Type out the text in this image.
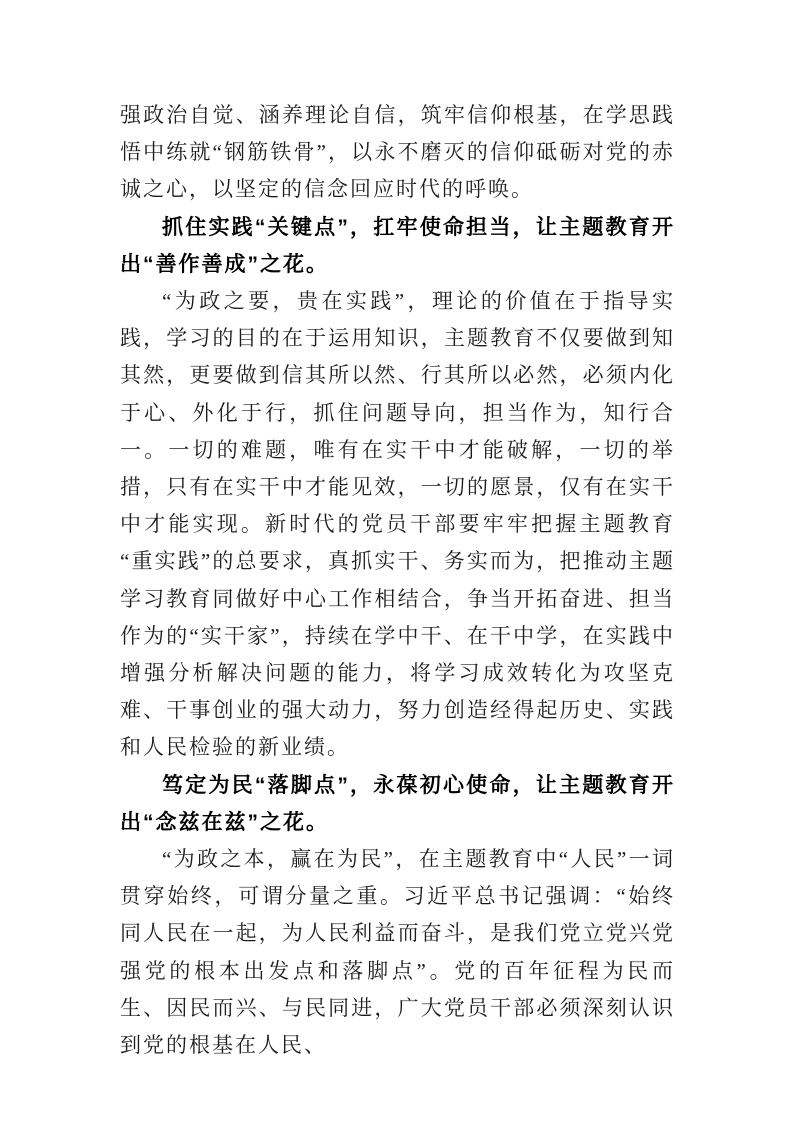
强政治自觉、涵养理论自信，筑牢信仰根基，在学思践悟中练就“钢筋铁骨”，以永不磨灭的信仰砥砺对党的赤诚之心，以坚定的信念回应时代的呼唤。

抓住实践“关键点”，扛牢使命担当，让主题教育开出“善作善成”之花。

“为政之要，贵在实践”，理论的价值在于指导实践，学习的目的在于运用知识，主题教育不仅要做到知其然，更要做到信其所以然、行其所以必然，必须内化于心、外化于行，抓住问题导向，担当作为，知行合一。一切的难题，唯有在实干中才能破解，一切的举措，只有在实干中才能见效，一切的愿景，仅有在实干中才能实现。新时代的党员干部要牢牢把握主题教育“重实践”的总要求，真抓实干、务实而为，把推动主题学习教育同做好中心工作相结合，争当开拓奋进、担当作为的“实干家”，持续在学中干、在干中学，在实践中增强分析解决问题的能力，将学习成效转化为攻坚克难、干事创业的强大动力，努力创造经得起历史、实践和人民检验的新业绩。

笃定为民“落脚点”，永葆初心使命，让主题教育开出“念兹在兹”之花。

“为政之本，赢在为民”，在主题教育中“人民”一词贯穿始终，可谓分量之重。习近平总书记强调：“始终同人民在一起，为人民利益而奋斗，是我们党立党兴党强党的根本出发点和落脚点”。党的百年征程为民而生、因民而兴、与民同进，广大党员干部必须深刻认识到党的根基在人民、
